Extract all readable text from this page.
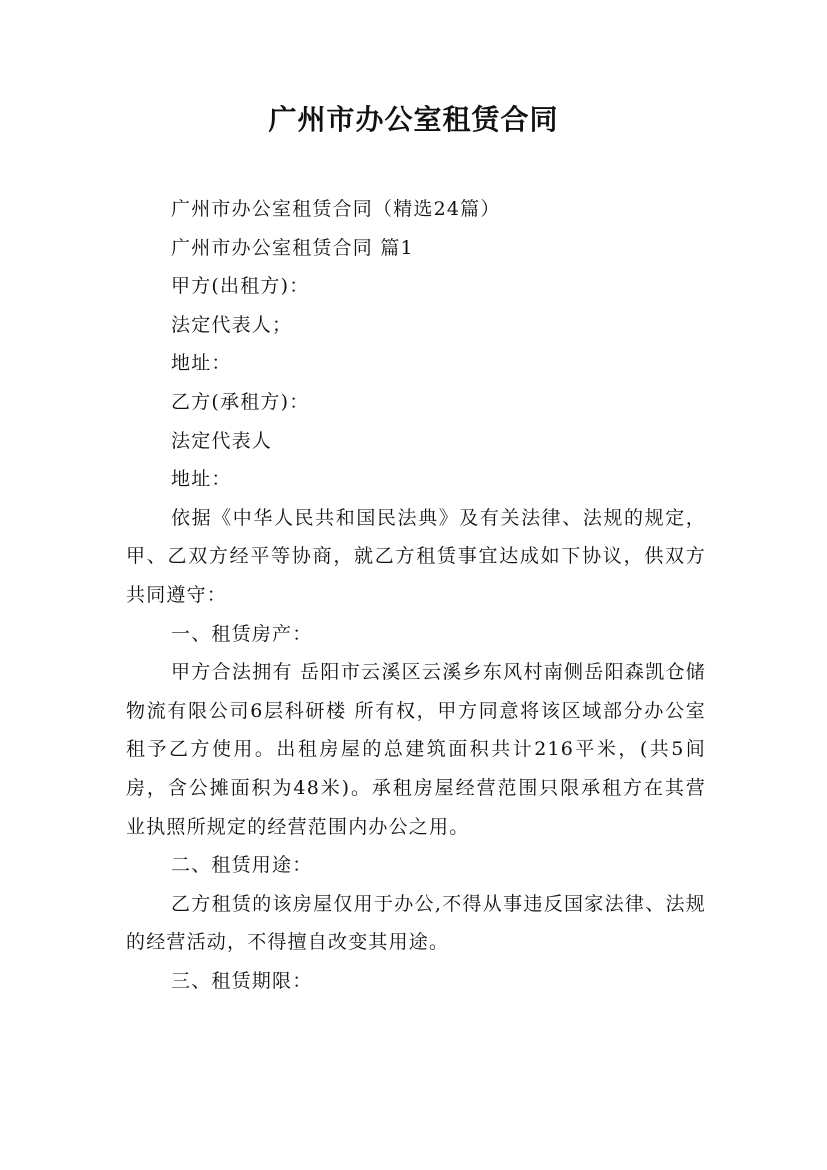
广州市办公室租赁合同

广州市办公室租赁合同（精选24篇）

广州市办公室租赁合同 篇1

甲方(出租方)：

法定代表人；

地址：

乙方(承租方)：

法定代表人

地址：

依据《中华人民共和国民法典》及有关法律、法规的规定，甲、乙双方经平等协商，就乙方租赁事宜达成如下协议，供双方共同遵守：

一、租赁房产：

甲方合法拥有 岳阳市云溪区云溪乡东风村南侧岳阳森凯仓储物流有限公司6层科研楼 所有权，甲方同意将该区域部分办公室租予乙方使用。出租房屋的总建筑面积共计216平米，(共5间房，含公摊面积为48米)。承租房屋经营范围只限承租方在其营业执照所规定的经营范围内办公之用。

二、租赁用途：

乙方租赁的该房屋仅用于办公,不得从事违反国家法律、法规的经营活动，不得擅自改变其用途。

三、租赁期限：
